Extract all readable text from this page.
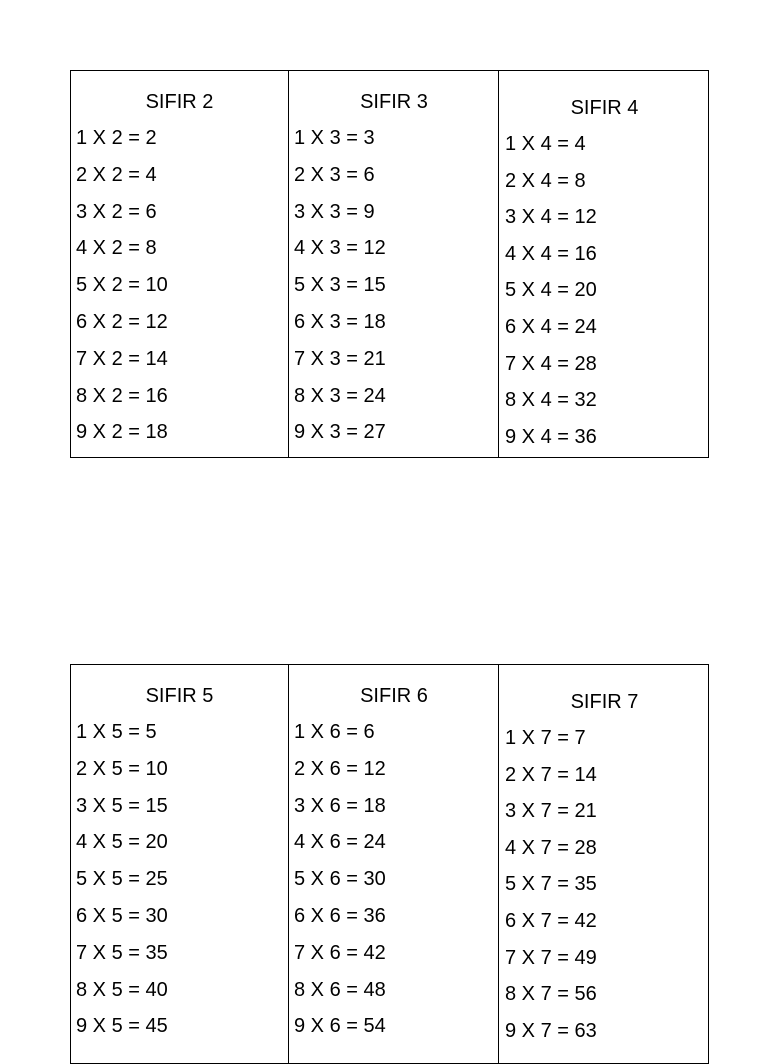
SIFIR 2
1 X 2 = 2
2 X 2 = 4
3 X 2 = 6
4 X 2 = 8
5 X 2 = 10
6 X 2 = 12
7 X 2 = 14
8 X 2 = 16
9 X 2 = 18
SIFIR 3
1 X 3 = 3
2 X 3 = 6
3 X 3 = 9
4 X 3 = 12
5 X 3 = 15
6 X 3 = 18
7 X 3 = 21
8 X 3 = 24
9 X 3 = 27
SIFIR 4
1 X 4 = 4
2 X 4 = 8
3 X 4 = 12
4 X 4 = 16
5 X 4 = 20
6 X 4 = 24
7 X 4 = 28
8 X 4 = 32
9 X 4 = 36
SIFIR 5
1 X 5 = 5
2 X 5 = 10
3 X 5 = 15
4 X 5 = 20
5 X 5 = 25
6 X 5 = 30
7 X 5 = 35
8 X 5 = 40
9 X 5 = 45
SIFIR 6
1 X 6 = 6
2 X 6 = 12
3 X 6 = 18
4 X 6 = 24
5 X 6 = 30
6 X 6 = 36
7 X 6 = 42
8 X 6 = 48
9 X 6 = 54
SIFIR 7
1 X 7 = 7
2 X 7 = 14
3 X 7 = 21
4 X 7 = 28
5 X 7 = 35
6 X 7 = 42
7 X 7 = 49
8 X 7 = 56
9 X 7 = 63
